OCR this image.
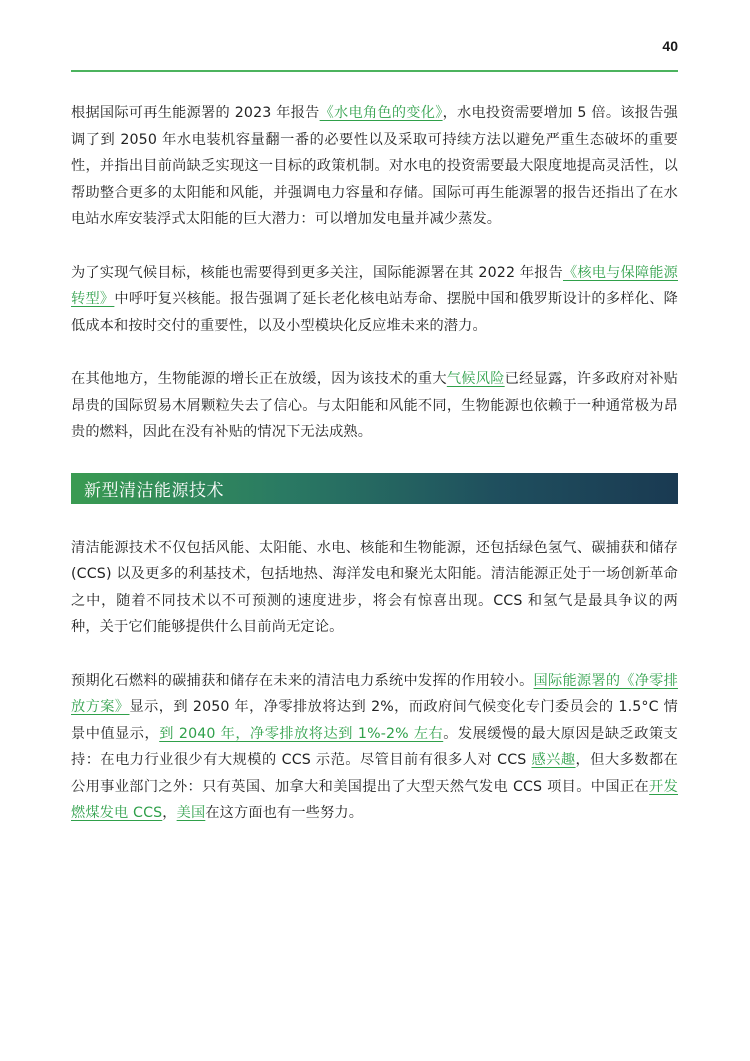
40

根据国际可再生能源署的 2023 年报告《水电角色的变化》，水电投资需要增加 5 倍。该报告强调了到 2050 年水电装机容量翻一番的必要性以及采取可持续方法以避免严重生态破坏的重要性，并指出目前尚缺乏实现这一目标的政策机制。对水电的投资需要最大限度地提高灵活性，以帮助整合更多的太阳能和风能，并强调电力容量和存储。国际可再生能源署的报告还指出了在水电站水库安装浮式太阳能的巨大潜力：可以增加发电量并减少蒸发。

为了实现气候目标，核能也需要得到更多关注，国际能源署在其 2022 年报告《核电与保障能源转型》中呼吁复兴核能。报告强调了延长老化核电站寿命、摆脱中国和俄罗斯设计的多样化、降低成本和按时交付的重要性，以及小型模块化反应堆未来的潜力。

在其他地方，生物能源的增长正在放缓，因为该技术的重大气候风险已经显露，许多政府对补贴昂贵的国际贸易木屑颗粒失去了信心。与太阳能和风能不同，生物能源也依赖于一种通常极为昂贵的燃料，因此在没有补贴的情况下无法成熟。

新型清洁能源技术

清洁能源技术不仅包括风能、太阳能、水电、核能和生物能源，还包括绿色氢气、碳捕获和储存 (CCS) 以及更多的利基技术，包括地热、海洋发电和聚光太阳能。清洁能源正处于一场创新革命之中，随着不同技术以不可预测的速度进步，将会有惊喜出现。CCS 和氢气是最具争议的两种，关于它们能够提供什么目前尚无定论。

预期化石燃料的碳捕获和储存在未来的清洁电力系统中发挥的作用较小。国际能源署的《净零排放方案》显示，到 2050 年，净零排放将达到 2%，而政府间气候变化专门委员会的 1.5°C 情景中值显示，到 2040 年，净零排放将达到 1%-2% 左右。发展缓慢的最大原因是缺乏政策支持：在电力行业很少有大规模的 CCS 示范。尽管目前有很多人对 CCS 感兴趣，但大多数都在公用事业部门之外：只有英国、加拿大和美国提出了大型天然气发电 CCS 项目。中国正在开发燃煤发电 CCS，美国在这方面也有一些努力。
